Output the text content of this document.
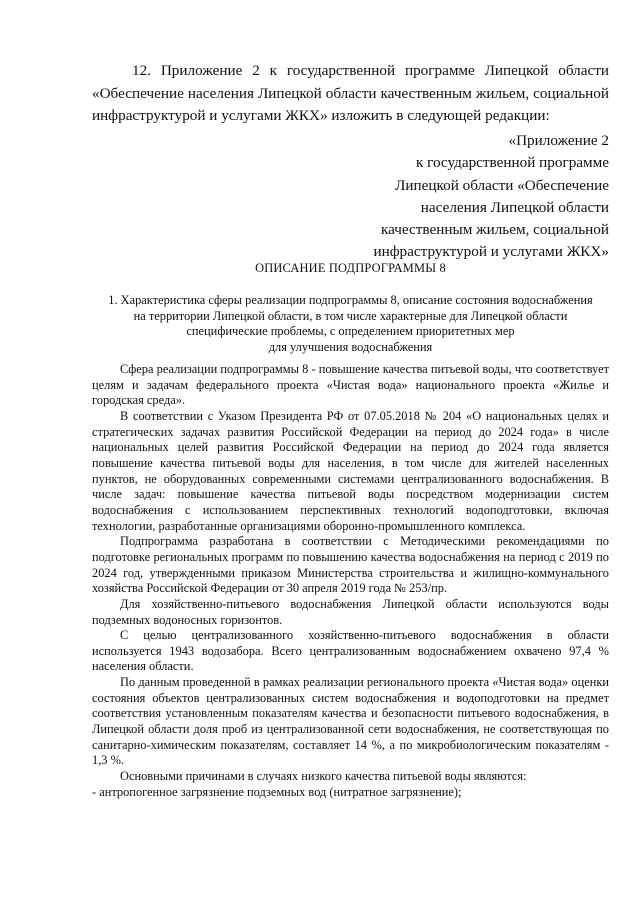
12. Приложение 2 к государственной программе Липецкой области «Обеспечение населения Липецкой области качественным жильем, социальной инфраструктурой и услугами ЖКХ» изложить в следующей редакции:

«Приложение 2

к государственной программе

Липецкой области «Обеспечение

населения Липецкой области

качественным жильем, социальной

инфраструктурой и услугами ЖКХ»

ОПИСАНИЕ ПОДПРОГРАММЫ 8

1. Характеристика сферы реализации подпрограммы 8, описание состояния водоснабжения

на территории Липецкой области, в том числе характерные для Липецкой области

специфические проблемы, с определением приоритетных мер

для улучшения водоснабжения

Сфера реализации подпрограммы 8 - повышение качества питьевой воды, что соответствует целям и задачам федерального проекта «Чистая вода» национального проекта «Жилье и городская среда».

В соответствии с Указом Президента РФ от 07.05.2018 № 204 «О национальных целях и стратегических задачах развития Российской Федерации на период до 2024 года» в числе национальных целей развития Российской Федерации на период до 2024 года является повышение качества питьевой воды для населения, в том числе для жителей населенных пунктов, не оборудованных современными системами централизованного водоснабжения. В числе задач: повышение качества питьевой воды посредством модернизации систем водоснабжения с использованием перспективных технологий водоподготовки, включая технологии, разработанные организациями оборонно-промышленного комплекса.

Подпрограмма разработана в соответствии с Методическими рекомендациями по подготовке региональных программ по повышению качества водоснабжения на период с 2019 по 2024 год, утвержденными приказом Министерства строительства и жилищно-коммунального хозяйства Российской Федерации от 30 апреля 2019 года № 253/пр.

Для хозяйственно-питьевого водоснабжения Липецкой области используются воды подземных водоносных горизонтов.

С целью централизованного хозяйственно-питьевого водоснабжения в области используется 1943 водозабора. Всего централизованным водоснабжением охвачено 97,4 % населения области.

По данным проведенной в рамках реализации регионального проекта «Чистая вода» оценки состояния объектов централизованных систем водоснабжения и водоподготовки на предмет соответствия установленным показателям качества и безопасности питьевого водоснабжения, в Липецкой области доля проб из централизованной сети водоснабжения, не соответствующая по санитарно-химическим показателям, составляет 14 %, а по микробиологическим показателям - 1,3 %.

Основными причинами в случаях низкого качества питьевой воды являются:

- антропогенное загрязнение подземных вод (нитратное загрязнение);
